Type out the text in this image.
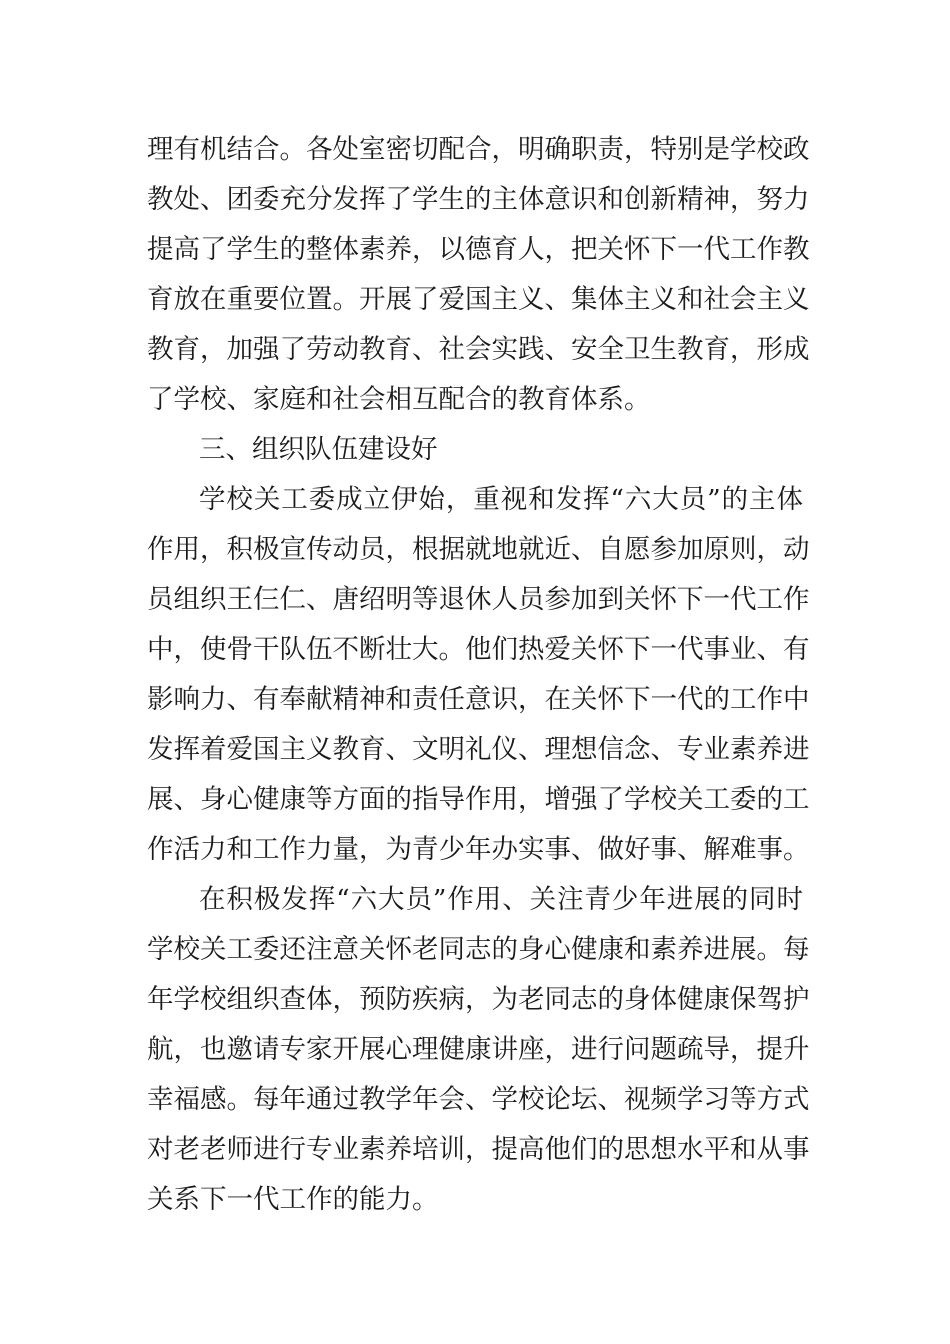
理有机结合。各处室密切配合，明确职责，特别是学校政
教处、团委充分发挥了学生的主体意识和创新精神，努力
提高了学生的整体素养，以德育人，把关怀下一代工作教
育放在重要位置。开展了爱国主义、集体主义和社会主义
教育，加强了劳动教育、社会实践、安全卫生教育，形成
了学校、家庭和社会相互配合的教育体系。
三、组织队伍建设好
学校关工委成立伊始，重视和发挥“六大员”的主体
作用，积极宣传动员，根据就地就近、自愿参加原则，动
员组织王仨仁、唐绍明等退休人员参加到关怀下一代工作
中，使骨干队伍不断壮大。他们热爱关怀下一代事业、有
影响力、有奉献精神和责任意识，在关怀下一代的工作中
发挥着爱国主义教育、文明礼仪、理想信念、专业素养进
展、身心健康等方面的指导作用，增强了学校关工委的工
作活力和工作力量，为青少年办实事、做好事、解难事。
在积极发挥“六大员”作用、关注青少年进展的同时
学校关工委还注意关怀老同志的身心健康和素养进展。每
年学校组织查体，预防疾病，为老同志的身体健康保驾护
航，也邀请专家开展心理健康讲座，进行问题疏导，提升
幸福感。每年通过教学年会、学校论坛、视频学习等方式
对老老师进行专业素养培训，提高他们的思想水平和从事
关系下一代工作的能力。
